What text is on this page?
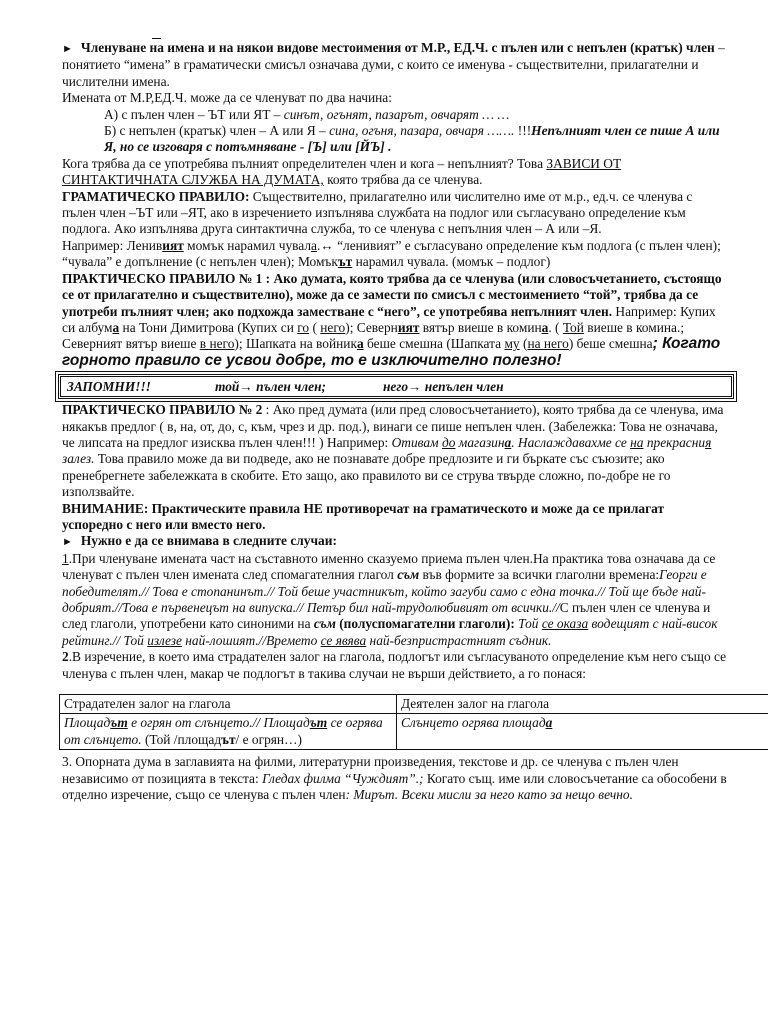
► Членуване на имена и на някои видове местоимения от М.Р., ЕД.Ч. с пълен или с непълен (кратък) член – понятието “имена” в граматически смисъл означава думи, с които се именува - съществителни, прилагателни и числителни имена.

Имената от М.Р,ЕД.Ч. може да се членуват по два начина:

А) с пълен член – ЪТ или ЯТ – синът, огънят, пазарът, овчарят … …

Б) с непълен (кратък) член – А или Я – сина, огъня, пазара, овчаря ……. !!!Непълният член се пише А или Я, но се изговаря с потъмняване - [Ъ] или [ЙЪ] .

Кога трябва да се употребява пълният определителен член и кога – непълният? Това ЗАВИСИ ОТ СИНТАКТИЧНАТА СЛУЖБА НА ДУМАТА, която трябва да се членува.

ГРАМАТИЧЕСКО ПРАВИЛО: Съществително, прилагателно или числително име от м.р., ед.ч. се членува с пълен член –ЪТ или –ЯТ, ако в изречението изпълнява службата на подлог или съгласувано определение към подлога. Ако изпълнява друга синтактична служба, то се членува с непълния член – А или –Я.

Например: Ленивият момък нарамил чувала.↔ “ленивият” е съгласувано определение към подлога (с пълен член); “чувала” е допълнение (с непълен член); Момъкът нарамил чувала. (момък – подлог)

ПРАКТИЧЕСКО ПРАВИЛО № 1 : Ако думата, която трябва да се членува (или словосъчетанието, състоящо се от прилагателно и съществително), може да се замести по смисъл с местоимението “той”, трябва да се употреби пълният член; ако подхожда заместване с “него”, се употребява непълният член. Например: Купих си албума на Тони Димитрова (Купих си го ( него); Северният вятър виеше в комина. ( Той виеше в комина.; Северният вятър виеше в него); Шапката на войника беше смешна (Шапката му (на него) беше смешна; Когато горното правило се усвои добре, то е изключително полезно!

ЗАПОМНИ!!!	той→ пълен член;	него→ непълен член

ПРАКТИЧЕСКО ПРАВИЛО № 2 : Ако пред думата (или пред словосъчетанието), която трябва да се членува, има някакъв предлог ( в, на, от, до, с, към, чрез и др. под.), винаги се пише непълен член. (Забележка: Това не означава, че липсата на предлог изисква пълен член!!! ) Например: Отивам до магазина. Наслаждавахме се на прекрасния залез. Това правило може да ви подведе, ако не познавате добре предлозите и ги бъркате със съюзите; ако пренебрегнете забележката в скобите. Ето защо, ако правилото ви се струва твърде сложно, по-добре не го използвайте.

ВНИМАНИЕ: Практическите правила НЕ противоречат на граматическото и може да се прилагат успоредно с него или вместо него.

► Нужно е да се внимава в следните случаи:

1.При членуване имената част на съставното именно сказуемо приема пълен член.На практика това означава да се членуват с пълен член имената след спомагателния глагол съм във формите за всички глаголни времена:Георги е победителят.// Това е стопанинът.// Той беше участникът, който загуби само с една точка.// Той ще бъде най-добрият.//Това е първенецът на випуска.// Петър бил най-трудолюбивият от всички.//С пълен член се членува и след глаголи, употребени като синоними на съм (полуспомагателни глаголи): Той се оказа водещият с най-висок рейтинг.// Той излезе най-лошият.//Времето се явява най-безпристрастният съдник.

2.В изречение, в което има страдателен залог на глагола, подлогът или съгласуваното определение към него също се членува с пълен член, макар че подлогът в такива случаи не върши действието, а го понася:

Страдателен залог на глагола	Деятелен залог на глагола
Площадът е огрян от слънцето.// Площадът се огрява от слънцето. (Той /площадът/ е огрян…)	Слънцето огрява площада

3. Опорната дума в заглавията на филми, литературни произведения, текстове и др. се членува с пълен член независимо от позицията в текста: Гледах филма “Чуждият”.; Когато същ. име или словосъчетание са обособени в отделно изречение, също се членува с пълен член: Мирът. Всеки мисли за него като за нещо вечно.
